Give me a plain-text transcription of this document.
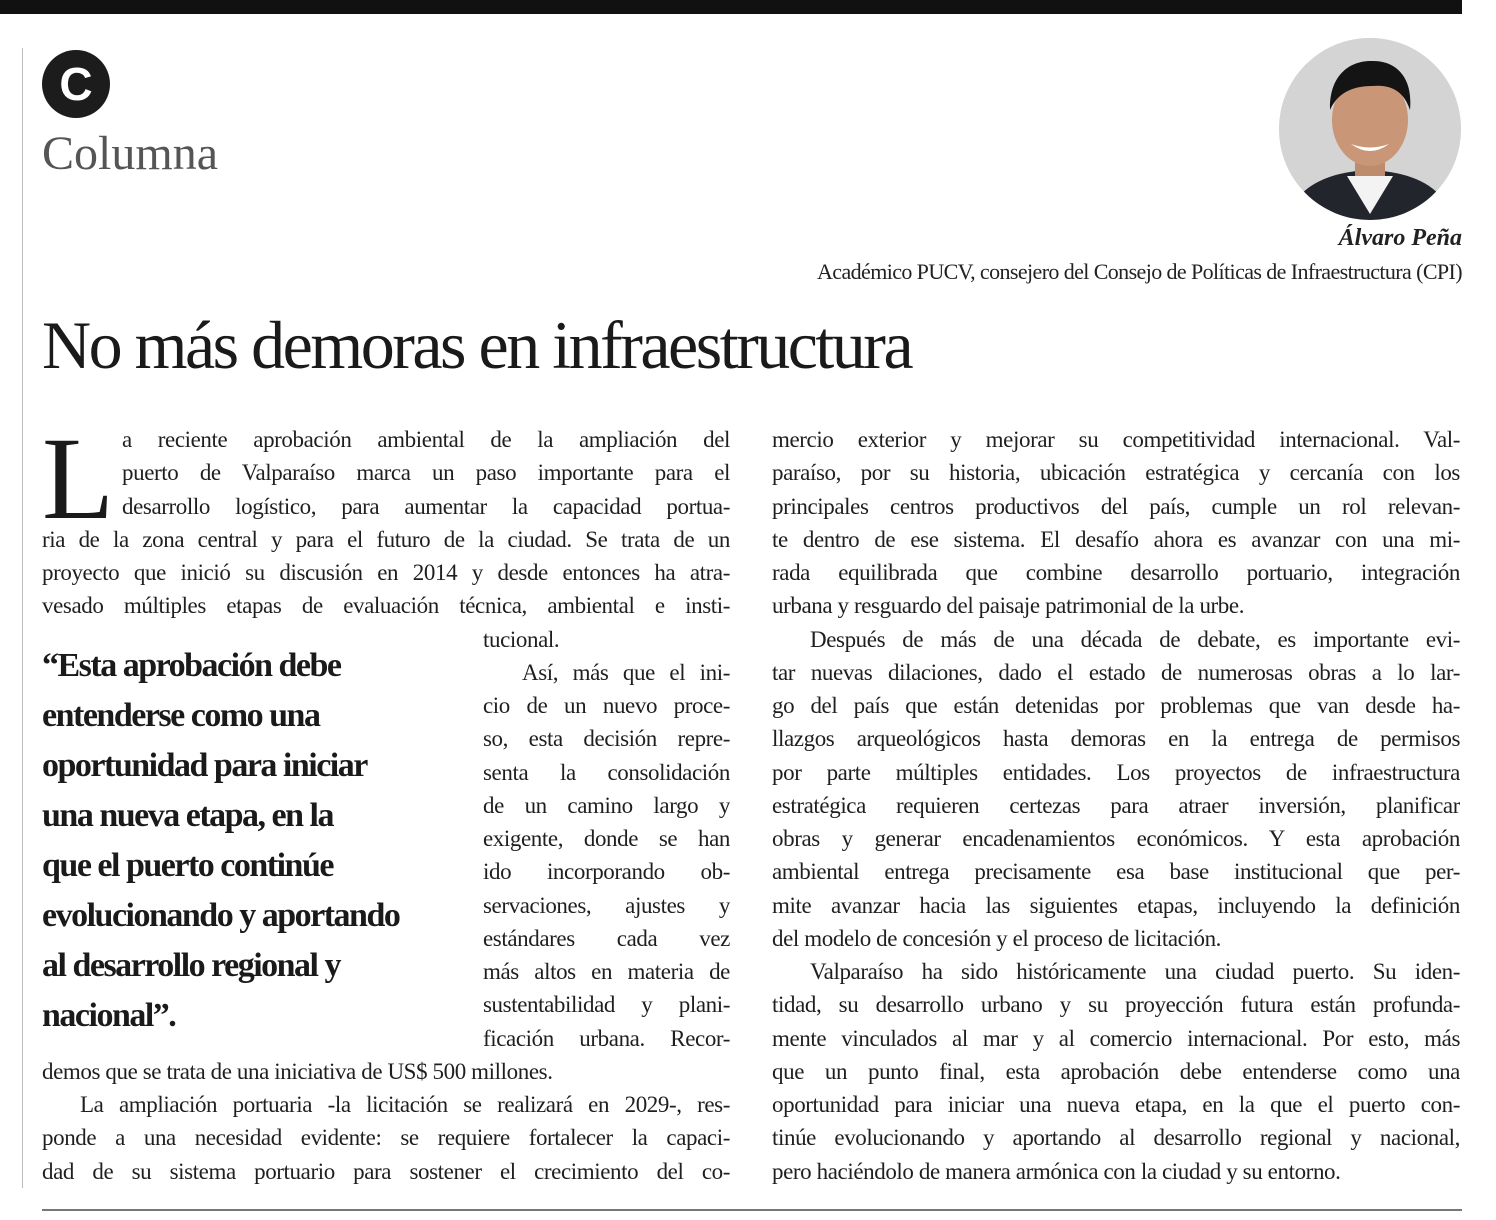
C
Columna
Álvaro Peña
Académico PUCV, consejero del Consejo de Políticas de Infraestructura (CPI)
No más demoras en infraestructura
L a reciente aprobación ambiental de la ampliación del
puerto de Valparaíso marca un paso importante para el
desarrollo logístico, para aumentar la capacidad portua-
ria de la zona central y para el futuro de la ciudad. Se trata de un
proyecto que inició su discusión en 2014 y desde entonces ha atra-
vesado múltiples etapas de evaluación técnica, ambiental e insti-
tucional.
Así, más que el ini-
cio de un nuevo proce-
so, esta decisión repre-
senta la consolidación
de un camino largo y
exigente, donde se han
ido incorporando ob-
servaciones, ajustes y
estándares cada vez
más altos en materia de
sustentabilidad y plani-
ficación urbana. Recor-
demos que se trata de una iniciativa de US$ 500 millones.
La ampliación portuaria -la licitación se realizará en 2029-, res-
ponde a una necesidad evidente: se requiere fortalecer la capaci-
dad de su sistema portuario para sostener el crecimiento del co-
“Esta aprobación debe
entenderse como una
oportunidad para iniciar
una nueva etapa, en la
que el puerto continúe
evolucionando y aportando
al desarrollo regional y
nacional”.
mercio exterior y mejorar su competitividad internacional. Val-
paraíso, por su historia, ubicación estratégica y cercanía con los
principales centros productivos del país, cumple un rol relevan-
te dentro de ese sistema. El desafío ahora es avanzar con una mi-
rada equilibrada que combine desarrollo portuario, integración
urbana y resguardo del paisaje patrimonial de la urbe.
Después de más de una década de debate, es importante evi-
tar nuevas dilaciones, dado el estado de numerosas obras a lo lar-
go del país que están detenidas por problemas que van desde ha-
llazgos arqueológicos hasta demoras en la entrega de permisos
por parte múltiples entidades. Los proyectos de infraestructura
estratégica requieren certezas para atraer inversión, planificar
obras y generar encadenamientos económicos. Y esta aprobación
ambiental entrega precisamente esa base institucional que per-
mite avanzar hacia las siguientes etapas, incluyendo la definición
del modelo de concesión y el proceso de licitación.
Valparaíso ha sido históricamente una ciudad puerto. Su iden-
tidad, su desarrollo urbano y su proyección futura están profunda-
mente vinculados al mar y al comercio internacional. Por esto, más
que un punto final, esta aprobación debe entenderse como una
oportunidad para iniciar una nueva etapa, en la que el puerto con-
tinúe evolucionando y aportando al desarrollo regional y nacional,
pero haciéndolo de manera armónica con la ciudad y su entorno.
